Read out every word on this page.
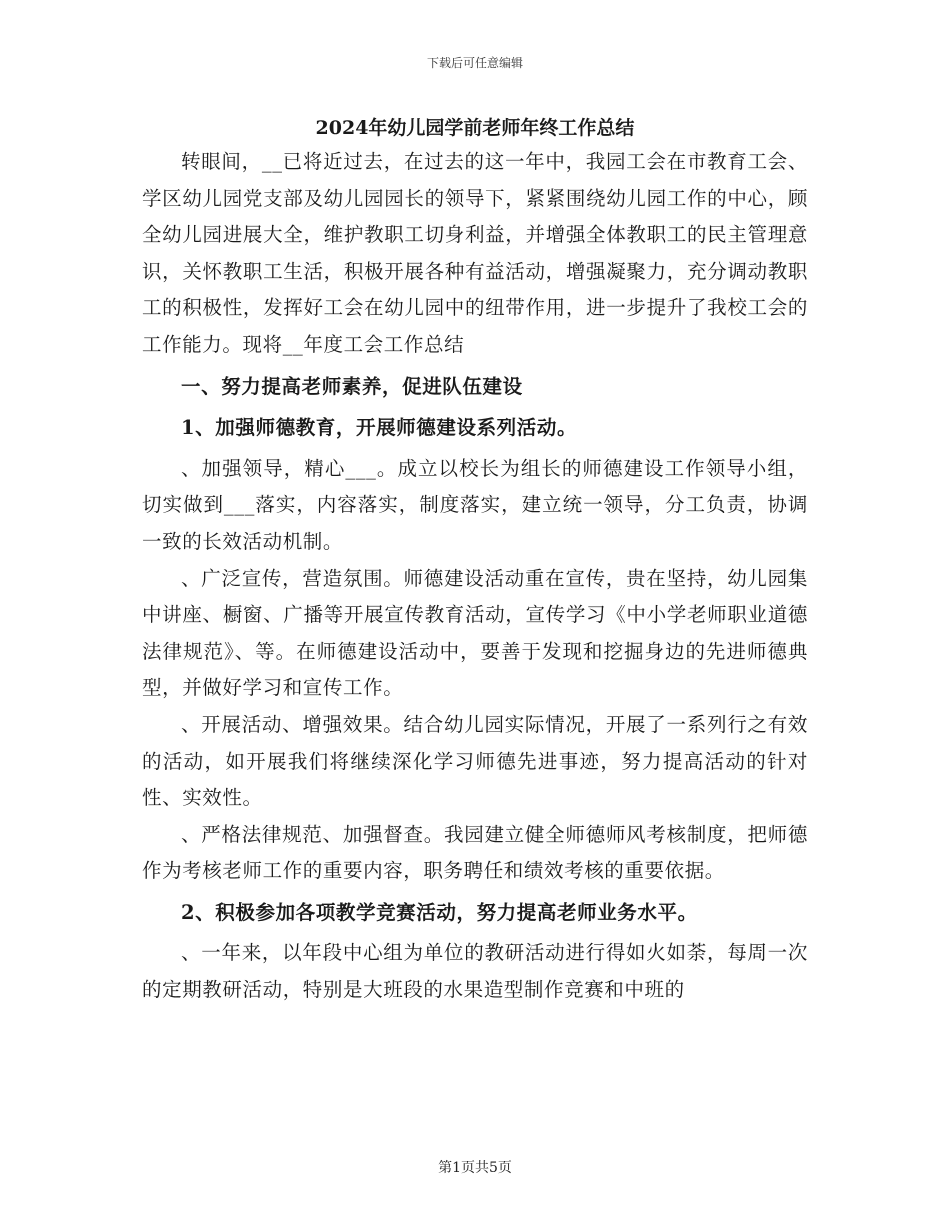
下载后可任意编辑
2024年幼儿园学前老师年终工作总结

转眼间，__已将近过去，在过去的这一年中，我园工会在市教育工会、学区幼儿园党支部及幼儿园园长的领导下，紧紧围绕幼儿园工作的中心，顾全幼儿园进展大全，维护教职工切身利益，并增强全体教职工的民主管理意识，关怀教职工生活，积极开展各种有益活动，增强凝聚力，充分调动教职工的积极性，发挥好工会在幼儿园中的纽带作用，进一步提升了我校工会的工作能力。现将__年度工会工作总结

一、努力提高老师素养，促进队伍建设

1、加强师德教育，开展师德建设系列活动。

、加强领导，精心___。成立以校长为组长的师德建设工作领导小组，切实做到___落实，内容落实，制度落实，建立统一领导，分工负责，协调一致的长效活动机制。

、广泛宣传，营造氛围。师德建设活动重在宣传，贵在坚持，幼儿园集中讲座、橱窗、广播等开展宣传教育活动，宣传学习《中小学老师职业道德法律规范》、等。在师德建设活动中，要善于发现和挖掘身边的先进师德典型，并做好学习和宣传工作。

、开展活动、增强效果。结合幼儿园实际情况，开展了一系列行之有效的活动，如开展我们将继续深化学习师德先进事迹，努力提高活动的针对性、实效性。

、严格法律规范、加强督查。我园建立健全师德师风考核制度，把师德作为考核老师工作的重要内容，职务聘任和绩效考核的重要依据。

2、积极参加各项教学竞赛活动，努力提高老师业务水平。

、一年来，以年段中心组为单位的教研活动进行得如火如荼，每周一次的定期教研活动，特别是大班段的水果造型制作竞赛和中班的

第1页共5页
